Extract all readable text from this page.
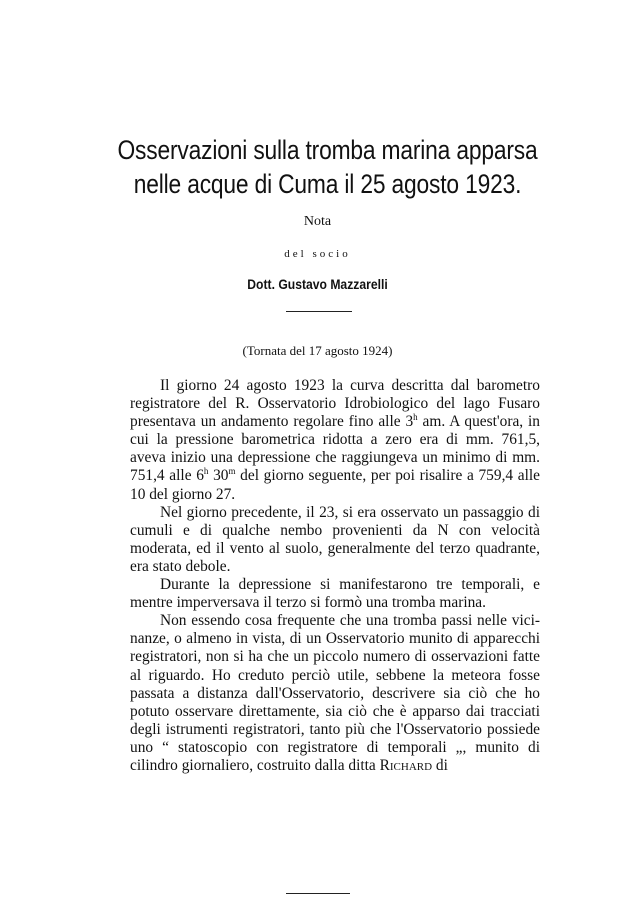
Osservazioni sulla tromba marina apparsa
nelle acque di Cuma il 25 agosto 1923.
Nota
del socio
Dott. Gustavo Mazzarelli
(Tornata del 17 agosto 1924)

Il giorno 24 agosto 1923 la curva descritta dal barometro registratore del R. Osservatorio Idrobiologico del lago Fusaro presentava un andamento regolare fino alle 3$^h$ am. A quest'ora, in cui la pressione barometrica ridotta a zero era di mm. 761,5, aveva inizio una depressione che raggiungeva un minimo di mm. 751,4 alle 6$^h$ 30$^m$ del giorno seguente, per poi risalire a 759,4 alle 10 del giorno 27.

Nel giorno precedente, il 23, si era osservato un passaggio di cumuli e di qualche nembo provenienti da N con velocità moderata, ed il vento al suolo, generalmente del terzo quadrante, era stato debole.

Durante la depressione si manifestarono tre temporali, e mentre imperversava il terzo si formò una tromba marina.

Non essendo cosa frequente che una tromba passi nelle vicinanze, o almeno in vista, di un Osservatorio munito di apparecchi registratori, non si ha che un piccolo numero di osservazioni fatte al riguardo. Ho creduto perciò utile, sebbene la meteora fosse passata a distanza dall'Osservatorio, descrivere sia ciò che ho potuto osservare direttamente, sia ciò che è apparso dai tracciati degli istrumenti registratori, tanto più che l'Osservatorio possiede uno “ statoscopio con registratore di temporali „, munito di cilindro giornaliero, costruito dalla ditta Richard di
